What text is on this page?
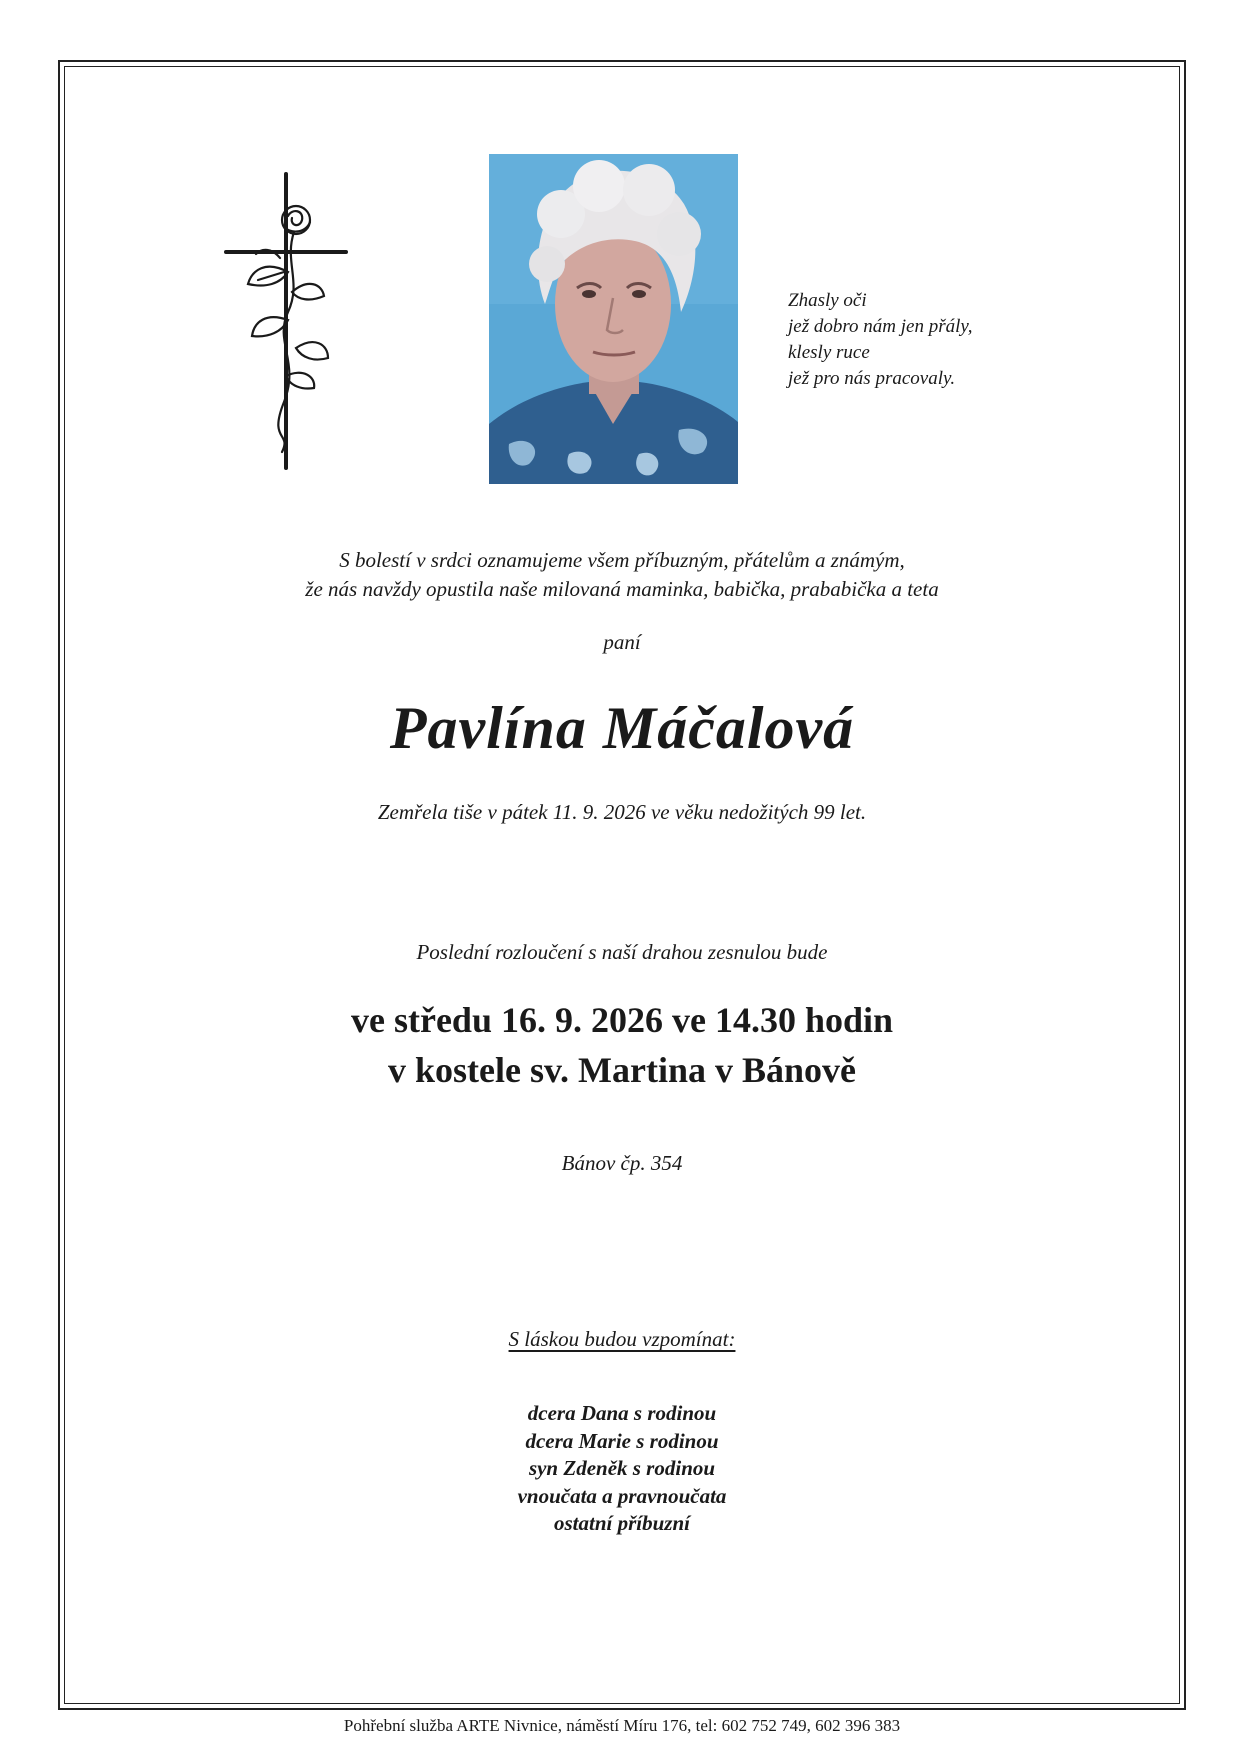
Zhasly oči
jež dobro nám jen přály,
klesly ruce
jež pro nás pracovaly.
S bolestí v srdci oznamujeme všem příbuzným, přátelům a známým,
že nás navždy opustila naše milovaná maminka, babička, prababička a teta
paní
Pavlína Máčalová
Zemřela tiše v pátek 11. 9. 2026 ve věku nedožitých 99 let.
Poslední rozloučení s naší drahou zesnulou bude
ve středu 16. 9. 2026 ve 14.30 hodin
v kostele sv. Martina v Bánově
Bánov čp. 354
S láskou budou vzpomínat:
dcera Dana s rodinou
dcera Marie s rodinou
syn Zdeněk s rodinou
vnoučata a pravnoučata
ostatní příbuzní
Pohřební služba ARTE Nivnice, náměstí Míru 176, tel: 602 752 749, 602 396 383
